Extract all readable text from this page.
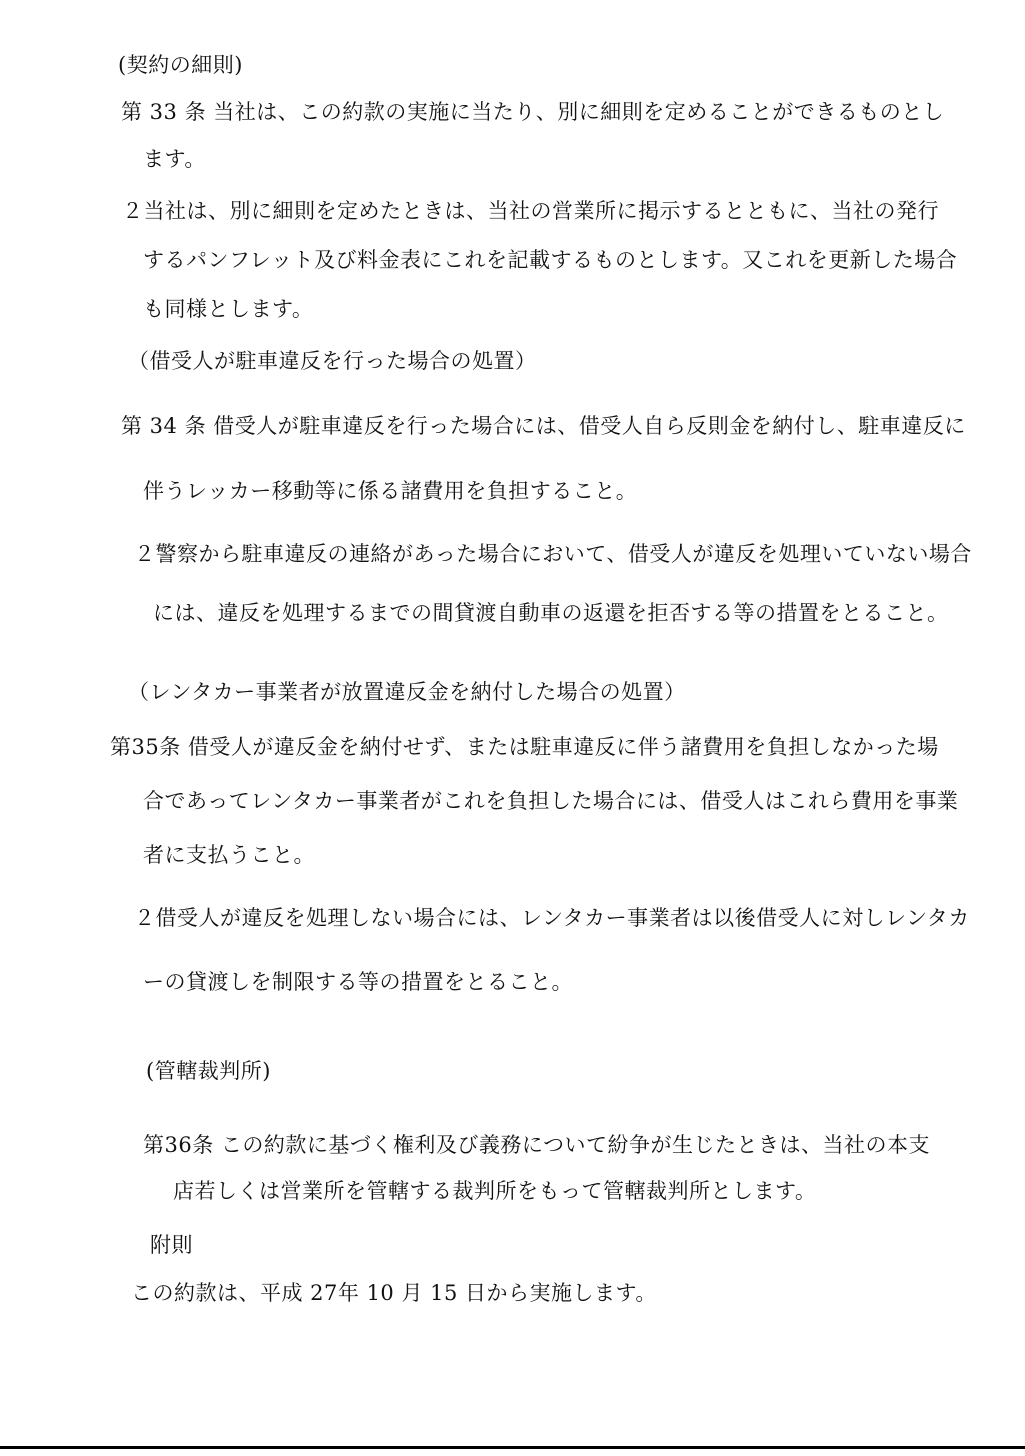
(契約の細則)
第 33 条 当社は、この約款の実施に当たり、別に細則を定めることができるものとし
ます。
２当社は、別に細則を定めたときは、当社の営業所に掲示するとともに、当社の発行
するパンフレット及び料金表にこれを記載するものとします。又これを更新した場合
も同様とします。
（借受人が駐車違反を行った場合の処置）
第 34 条 借受人が駐車違反を行った場合には、借受人自ら反則金を納付し、駐車違反に
伴うレッカー移動等に係る諸費用を負担すること。
２警察から駐車違反の連絡があった場合において、借受人が違反を処理いていない場合
には、違反を処理するまでの間貸渡自動車の返還を拒否する等の措置をとること。
（レンタカー事業者が放置違反金を納付した場合の処置）
第35条 借受人が違反金を納付せず、または駐車違反に伴う諸費用を負担しなかった場
合であってレンタカー事業者がこれを負担した場合には、借受人はこれら費用を事業
者に支払うこと。
２借受人が違反を処理しない場合には、レンタカー事業者は以後借受人に対しレンタカ
ーの貸渡しを制限する等の措置をとること。
(管轄裁判所)
第36条 この約款に基づく権利及び義務について紛争が生じたときは、当社の本支
店若しくは営業所を管轄する裁判所をもって管轄裁判所とします。
附則
この約款は、平成 27年 10 月 15 日から実施します。
